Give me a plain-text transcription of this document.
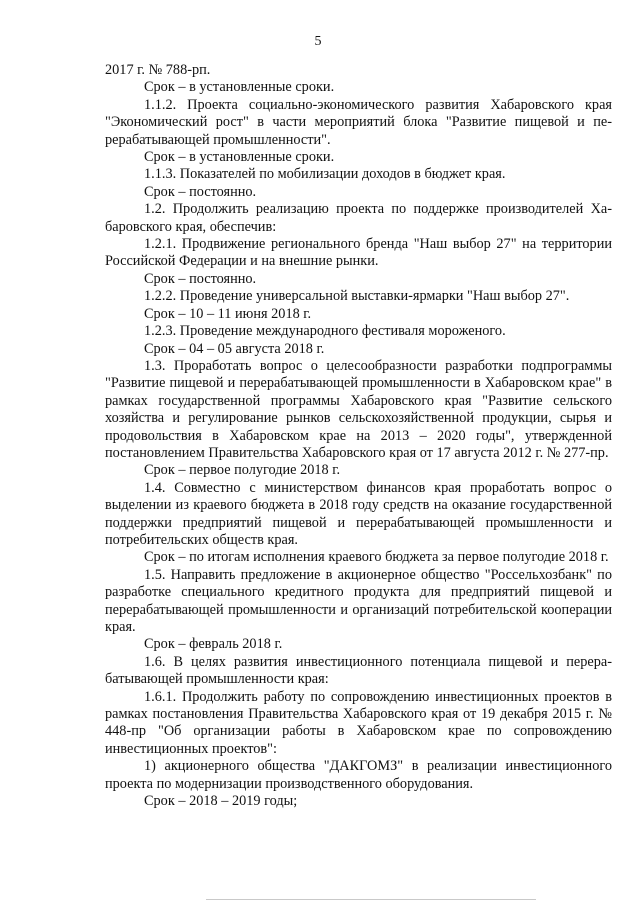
5

2017 г. № 788-рп.

Срок – в установленные сроки.

1.1.2. Проекта социально-экономического развития Хабаровского края "Экономический рост" в части мероприятий блока "Развитие пищевой и перерабатывающей промышленности".

Срок – в установленные сроки.

1.1.3. Показателей по мобилизации доходов в бюджет края.

Срок – постоянно.

1.2. Продолжить реализацию проекта по поддержке производителей Хабаровского края, обеспечив:

1.2.1. Продвижение регионального бренда "Наш выбор 27" на территории Российской Федерации и на внешние рынки.

Срок – постоянно.

1.2.2. Проведение универсальной выставки-ярмарки "Наш выбор 27".

Срок – 10 – 11 июня 2018 г.

1.2.3. Проведение международного фестиваля мороженого.

Срок – 04 – 05 августа 2018 г.

1.3. Проработать вопрос о целесообразности разработки подпрограммы "Развитие пищевой и перерабатывающей промышленности в Хабаровском крае" в рамках государственной программы Хабаровского края "Развитие сельского хозяйства и регулирование рынков сельскохозяйственной продукции, сырья и продовольствия в Хабаровском крае на 2013 – 2020 годы", утвержденной постановлением Правительства Хабаровского края от 17 августа 2012 г. № 277-пр.

Срок – первое полугодие 2018 г.

1.4. Совместно с министерством финансов края проработать вопрос о выделении из краевого бюджета в 2018 году средств на оказание государственной поддержки предприятий пищевой и перерабатывающей промышленности и потребительских обществ края.

Срок – по итогам исполнения краевого бюджета за первое полугодие 2018 г.

1.5. Направить предложение в акционерное общество "Россельхозбанк" по разработке специального кредитного продукта для предприятий пищевой и перерабатывающей промышленности и организаций потребительской кооперации края.

Срок – февраль 2018 г.

1.6. В целях развития инвестиционного потенциала пищевой и перерабатывающей промышленности края:

1.6.1. Продолжить работу по сопровождению инвестиционных проектов в рамках постановления Правительства Хабаровского края от 19 декабря 2015 г. № 448-пр "Об организации работы в Хабаровском крае по сопровождению инвестиционных проектов":

1) акционерного общества "ДАКГОМЗ" в реализации инвестиционного проекта по модернизации производственного оборудования.

Срок – 2018 – 2019 годы;
